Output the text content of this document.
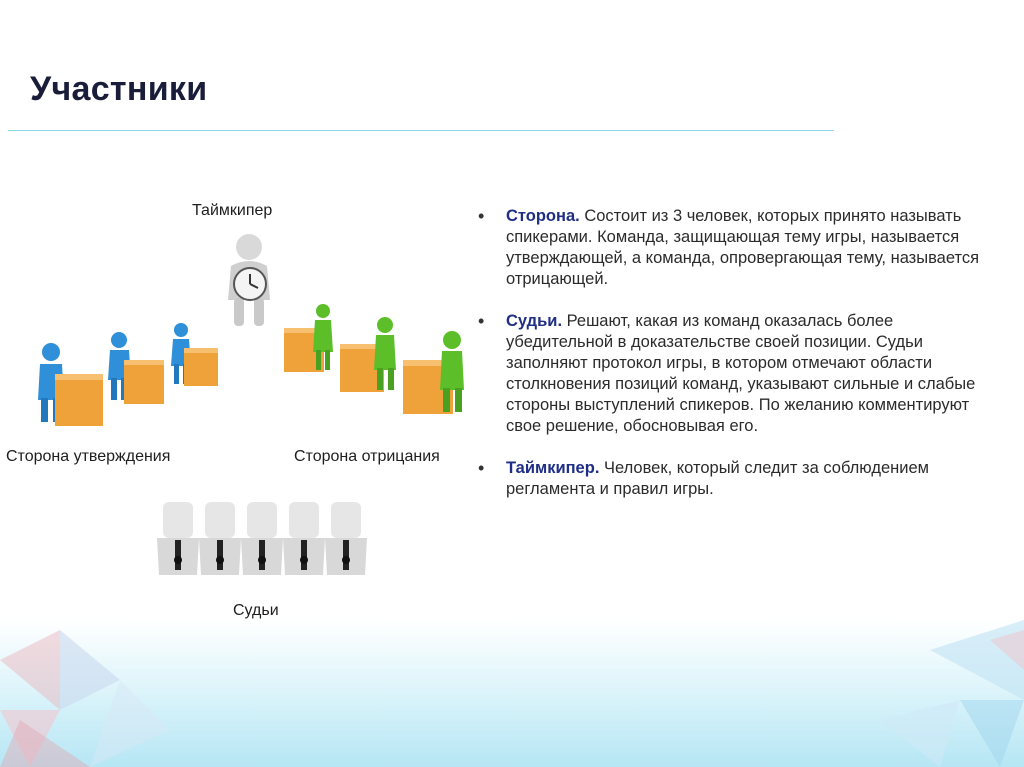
Участники
Таймкипер
Сторона утверждения	Сторона отрицания
Судьи
• Сторона. Состоит из 3 человек, которых принято называть спикерами. Команда, защищающая тему игры, называется утверждающей, а команда, опровергающая тему, называется отрицающей.
• Судьи. Решают, какая из команд оказалась более убедительной в доказательстве своей позиции. Судьи заполняют протокол игры, в котором отмечают области столкновения позиций команд, указывают сильные и слабые стороны выступлений спикеров. По желанию комментируют свое решение, обосновывая его.
• Таймкипер. Человек, который следит за соблюдением регламента и правил игры.
